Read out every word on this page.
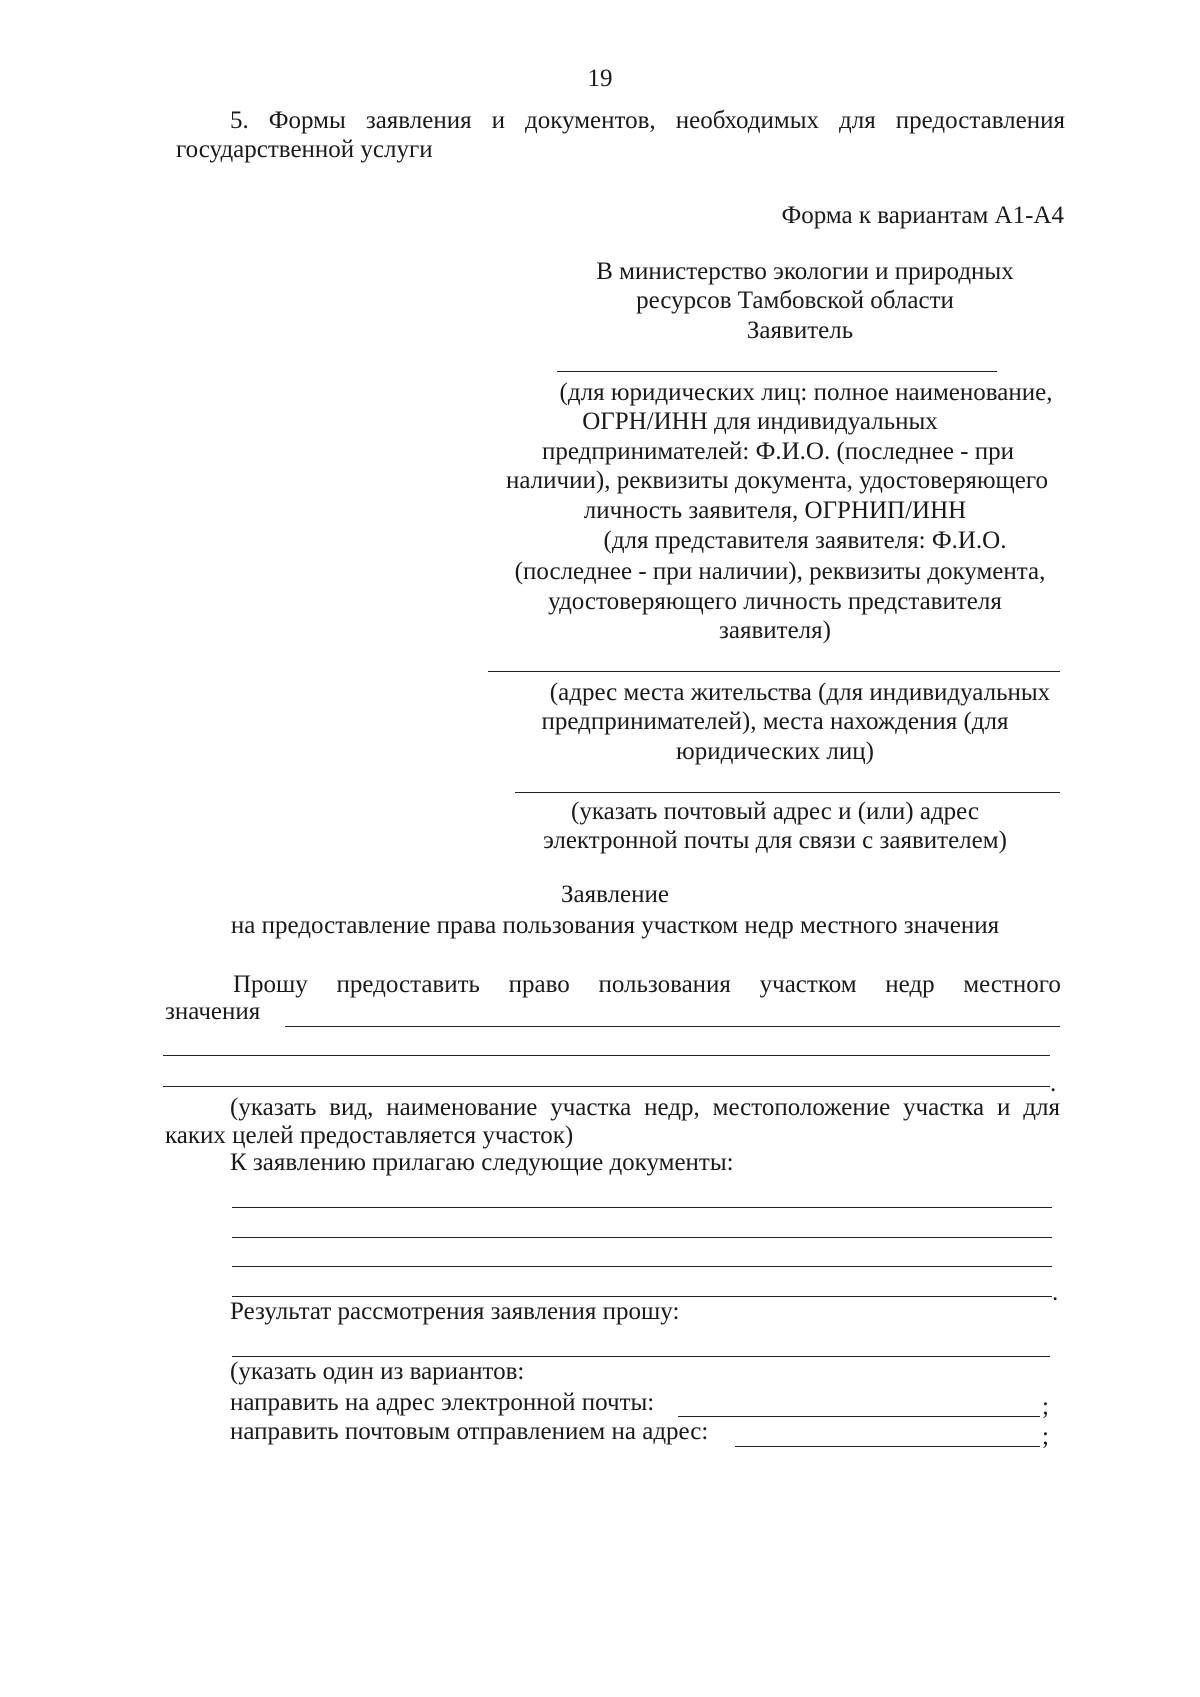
19
5. Формы заявления и документов, необходимых для предоставления
государственной услуги
Форма к вариантам А1-А4
В министерство экологии и природных
ресурсов Тамбовской области
Заявитель
(для юридических лиц: полное наименование,
ОГРН/ИНН для индивидуальных
предпринимателей: Ф.И.О. (последнее - при
наличии), реквизиты документа, удостоверяющего
личность заявителя, ОГРНИП/ИНН
(для представителя заявителя: Ф.И.О.
(последнее - при наличии), реквизиты документа,
удостоверяющего личность представителя
заявителя)
(адрес места жительства (для индивидуальных
предпринимателей), места нахождения (для
юридических лиц)
(указать почтовый адрес и (или) адрес
электронной почты для связи с заявителем)
Заявление
на предоставление права пользования участком недр местного значения
Прошу предоставить право пользования участком недр местного
значения
.
(указать вид, наименование участка недр, местоположение участка и для
каких целей предоставляется участок)
К заявлению прилагаю следующие документы:
.
Результат рассмотрения заявления прошу:
(указать один из вариантов:
направить на адрес электронной почты:	;
направить почтовым отправлением на адрес:	;
